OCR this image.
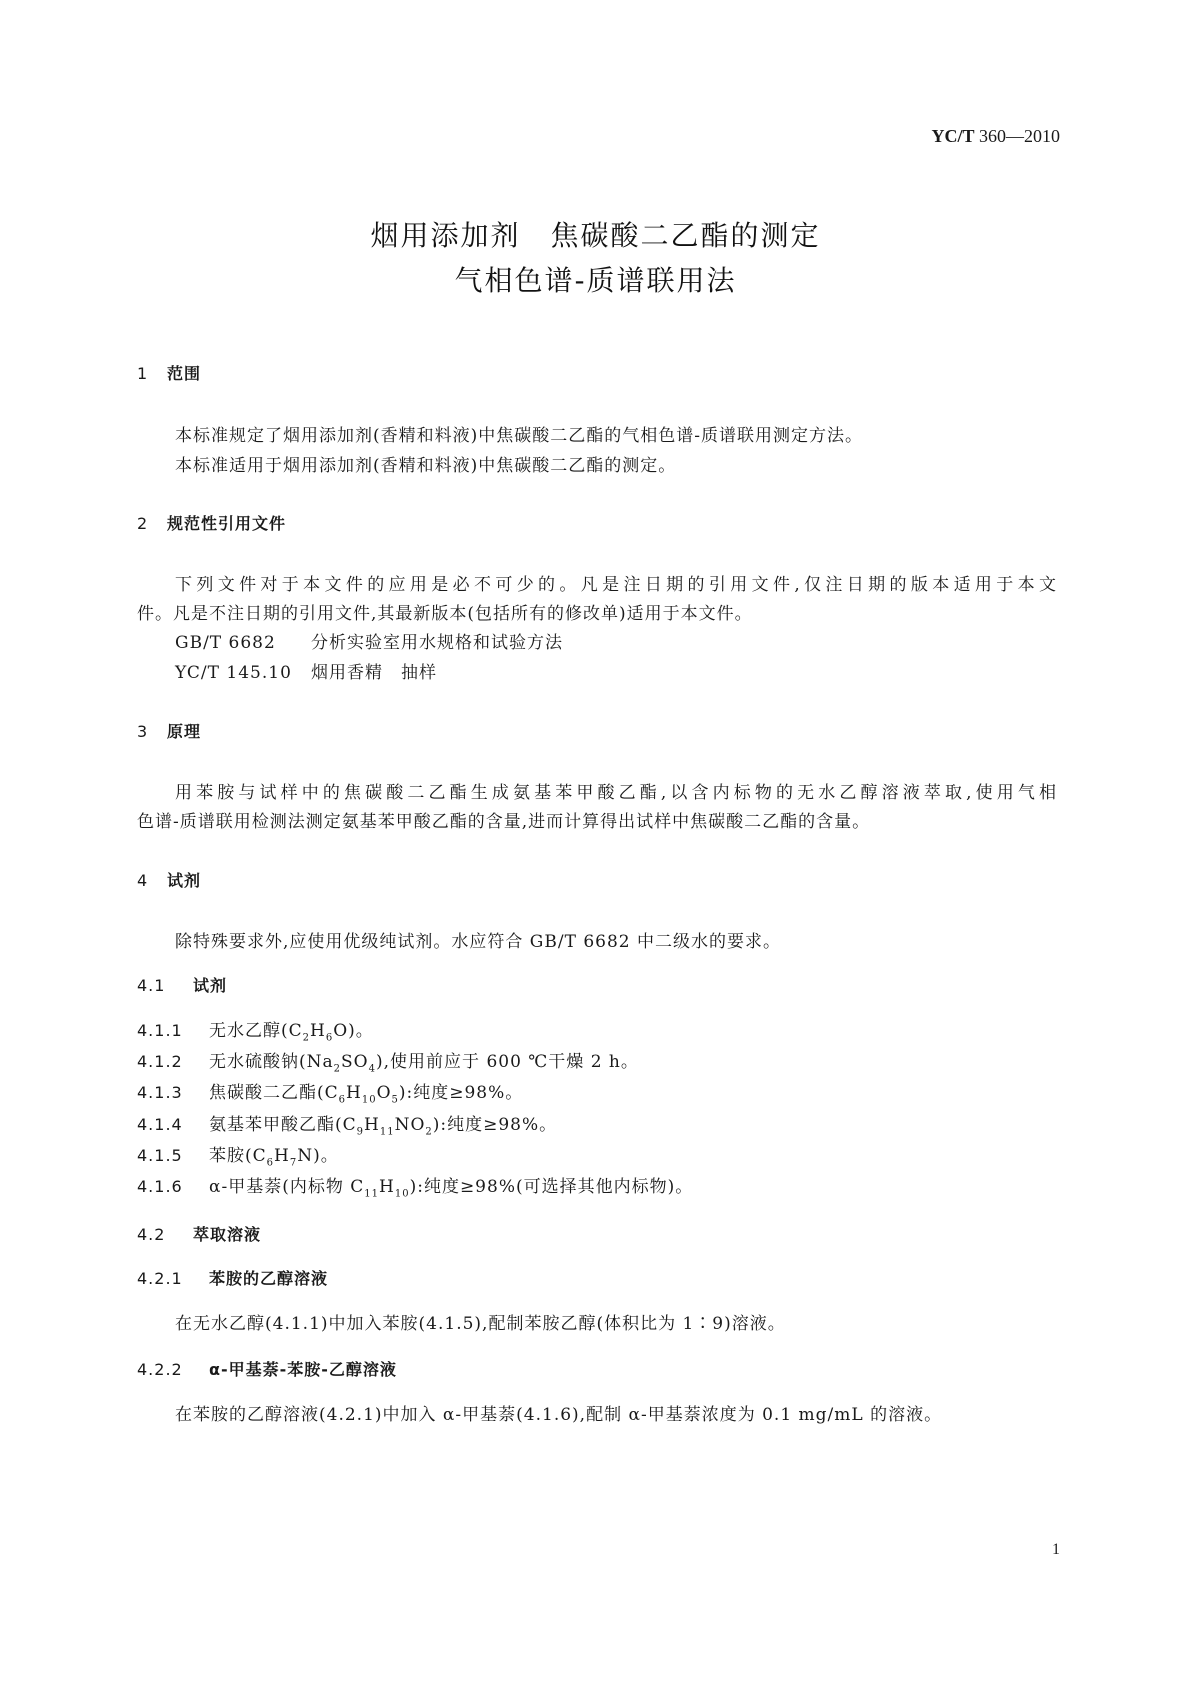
YC/T 360—2010
烟用添加剂　焦碳酸二乙酯的测定
气相色谱-质谱联用法
1 范围
本标准规定了烟用添加剂(香精和料液)中焦碳酸二乙酯的气相色谱-质谱联用测定方法。
本标准适用于烟用添加剂(香精和料液)中焦碳酸二乙酯的测定。
2 规范性引用文件
下列文件对于本文件的应用是必不可少的。凡是注日期的引用文件,仅注日期的版本适用于本文
件。凡是不注日期的引用文件,其最新版本(包括所有的修改单)适用于本文件。
GB/T 6682 分析实验室用水规格和试验方法
YC/T 145.10 烟用香精　抽样
3 原理
用苯胺与试样中的焦碳酸二乙酯生成氨基苯甲酸乙酯,以含内标物的无水乙醇溶液萃取,使用气相
色谱-质谱联用检测法测定氨基苯甲酸乙酯的含量,进而计算得出试样中焦碳酸二乙酯的含量。
4 试剂
除特殊要求外,应使用优级纯试剂。水应符合 GB/T 6682 中二级水的要求。
4.1 试剂
4.1.1 无水乙醇$(C_2H_6O)$。
4.1.2 无水硫酸钠$(Na_2SO_4)$,使用前应于 600 ℃干燥 2 h。
4.1.3 焦碳酸二乙酯$(C_6H_{10}O_5)$:纯度≥98%。
4.1.4 氨基苯甲酸乙酯$(C_9H_{11}NO_2)$:纯度≥98%。
4.1.5 苯胺$(C_6H_7N)$。
4.1.6 α-甲基萘(内标物 $C_{11}H_{10}$):纯度≥98%(可选择其他内标物)。
4.2 萃取溶液
4.2.1 苯胺的乙醇溶液
在无水乙醇(4.1.1)中加入苯胺(4.1.5),配制苯胺乙醇(体积比为 1∶9)溶液。
4.2.2 α-甲基萘-苯胺-乙醇溶液
在苯胺的乙醇溶液(4.2.1)中加入 α-甲基萘(4.1.6),配制 α-甲基萘浓度为 0.1 mg/mL 的溶液。
1
